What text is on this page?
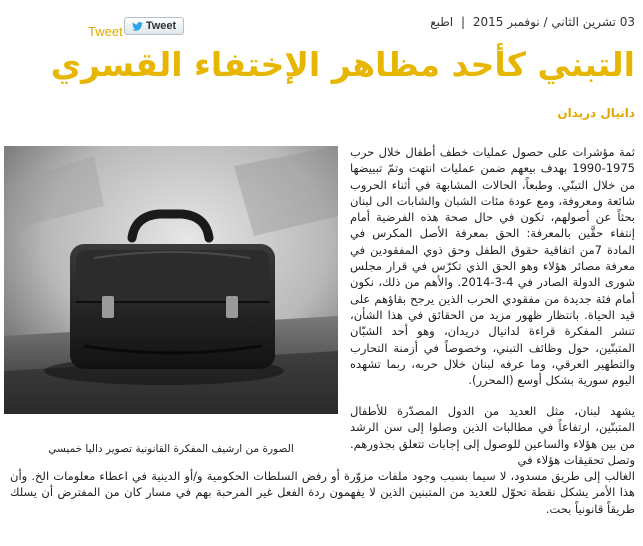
03 تشرين الثاني / نوفمبر 2015 | اطبع
Tweet Tweet
التبني كأحد مظاهر الإختفاء القسري
دانيال دريدان
الصورة من ارشيف المفكرة القانونية تصوير داليا خميسي

ثمة مؤشرات على حصول عمليات خطف أطفال خلال حرب 1975-1990 بهدف بيعهم ضمن عمليات انتهت وتمّ تبييضها من خلال التبنّي. وطبعاً، الحالات المشابهة في أثناء الحروب شائعة ومعروفة، ومع عودة مئات الشبان والشابات الى لبنان بحثاً عن أصولهم، تكون في حال صحة هذه الفرضية أمام إنتفاء حقَّين بالمعرفة: الحق بمعرفة الأصل المكرس في المادة 7من اتفاقية حقوق الطفل وحق ذوي المفقودين في معرفة مصائر هؤلاء وهو الحق الذي تكرّس في قرار مجلس شورى الدولة الصادر في 4-3-2014. والأهم من ذلك، نكون أمام فئة جديدة من مفقودي الحرب الذين يرجح بقاؤهم على قيد الحياة. بانتظار ظهور مزيد من الحقائق في هذا الشأن، تنشر المفكرة قراءة لدانيال دريدان، وهو أحد الشبّان المتبنّين، حول وظائف التبني، وخصوصاً في أزمنة التحارب والتطهير العرقي، وما عرفه لبنان خلال حربه، ربما تشهده اليوم سورية بشكل أوسع (المحرر).

يشهد لبنان، مثل العديد من الدول المصدّرة للأطفال المتبنّين، ارتفاعاً في مطالبات الذين وصلوا إلى سن الرشد من بين هؤلاء والساعين للوصول إلى إجابات تتعلق بجذورهم. وتصل تحقيقات هؤلاء في

الغالب إلى طريق مسدود، لا سيما بسبب وجود ملفات مزوّرة أو رفض السلطات الحكومية و/أو الدينية في اعطاء معلومات الخ. وأن هذا الأمر يشكل نقطة تحوّل للعديد من المتبنين الذين لا يفهمون ردة الفعل غير المرحبة بهم في مسار كان من المفترض أن يسلك طريقاً قانونياً بحت.
